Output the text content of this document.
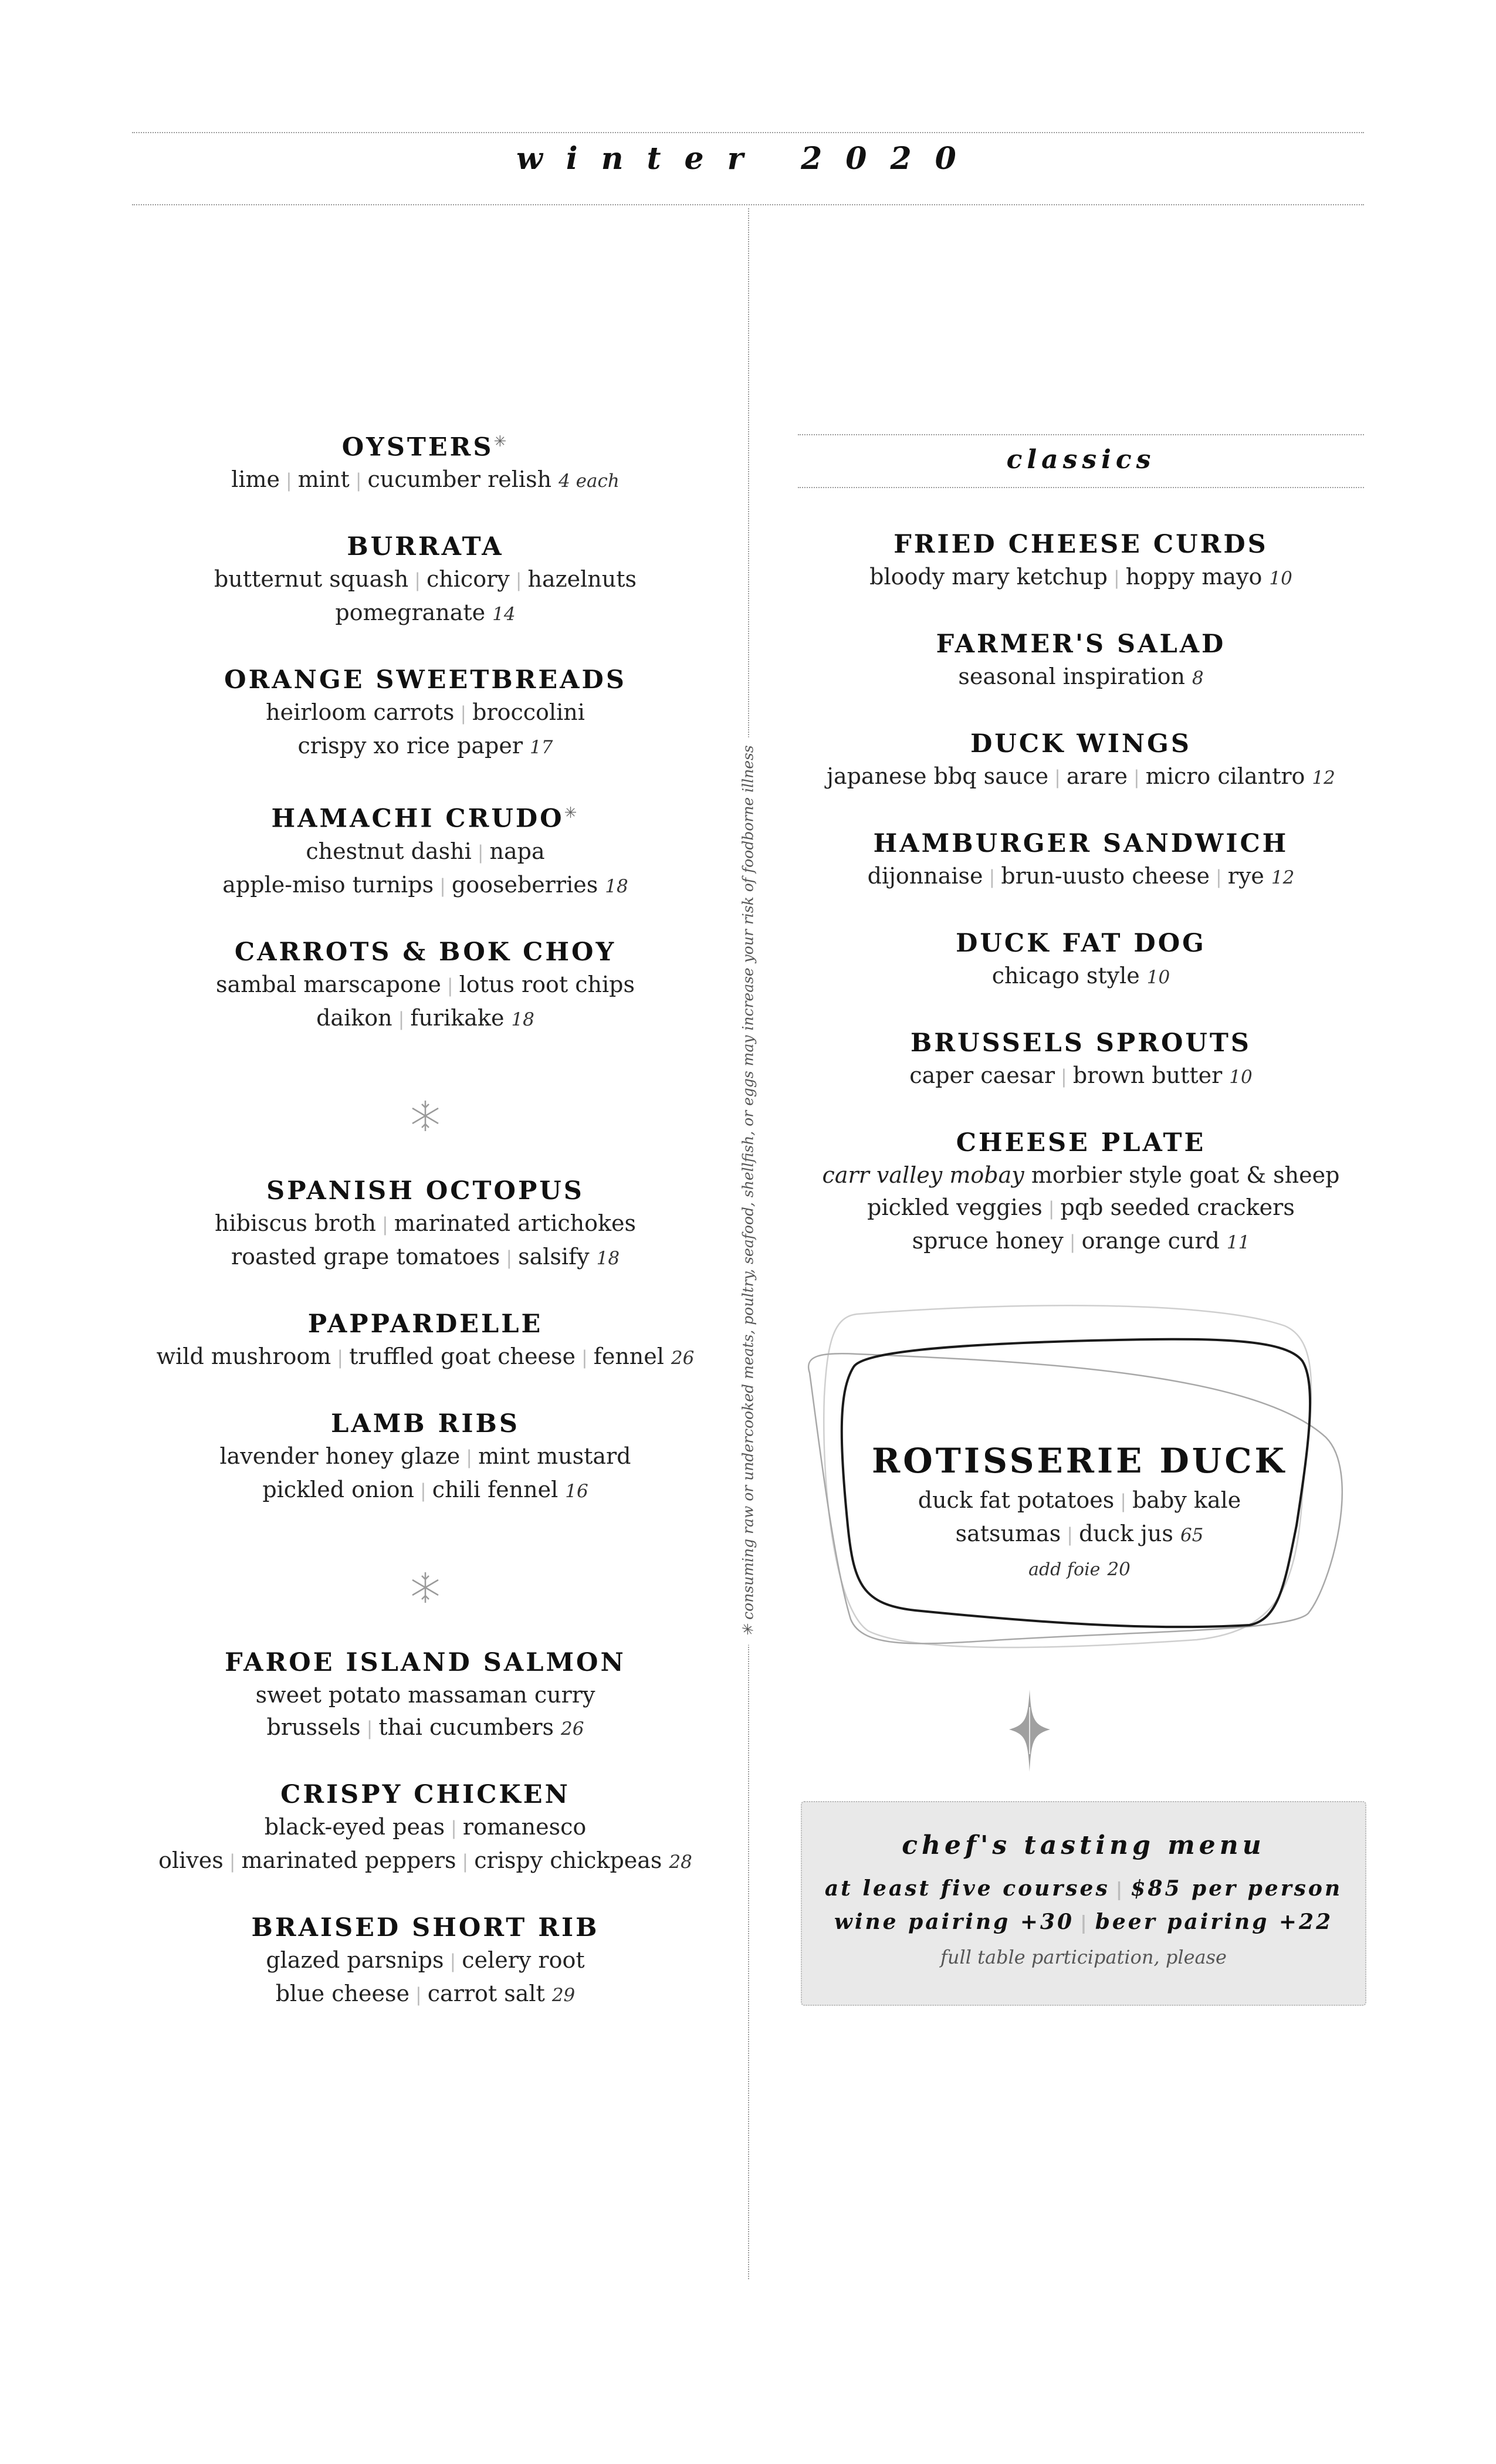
winter 2020
✳ consuming raw or undercooked meats, poultry, seafood, shellfish, or eggs may increase your risk of foodborne illness
OYSTERS✳
lime | mint | cucumber relish 4 each
BURRATA
butternut squash | chicory | hazelnuts
pomegranate 14
ORANGE SWEETBREADS
heirloom carrots | broccolini
crispy xo rice paper 17
HAMACHI CRUDO✳
chestnut dashi | napa
apple-miso turnips | gooseberries 18
CARROTS & BOK CHOY
sambal marscapone | lotus root chips
daikon | furikake 18
SPANISH OCTOPUS
hibiscus broth | marinated artichokes
roasted grape tomatoes | salsify 18
PAPPARDELLE
wild mushroom | truffled goat cheese | fennel 26
LAMB RIBS
lavender honey glaze | mint mustard
pickled onion | chili fennel 16
FAROE ISLAND SALMON
sweet potato massaman curry
brussels | thai cucumbers 26
CRISPY CHICKEN
black-eyed peas | romanesco
olives | marinated peppers | crispy chickpeas 28
BRAISED SHORT RIB
glazed parsnips | celery root
blue cheese | carrot salt 29
classics
FRIED CHEESE CURDS
bloody mary ketchup | hoppy mayo 10
FARMER'S SALAD
seasonal inspiration 8
DUCK WINGS
japanese bbq sauce | arare | micro cilantro 12
HAMBURGER SANDWICH
dijonnaise | brun-uusto cheese | rye 12
DUCK FAT DOG
chicago style 10
BRUSSELS SPROUTS
caper caesar | brown butter 10
CHEESE PLATE
carr valley mobay morbier style goat & sheep
pickled veggies | pqb seeded crackers
spruce honey | orange curd 11
ROTISSERIE DUCK
duck fat potatoes | baby kale
satsumas | duck jus 65
add foie 20
chef's tasting menu
at least five courses | $85 per person
wine pairing +30 | beer pairing +22
full table participation, please
